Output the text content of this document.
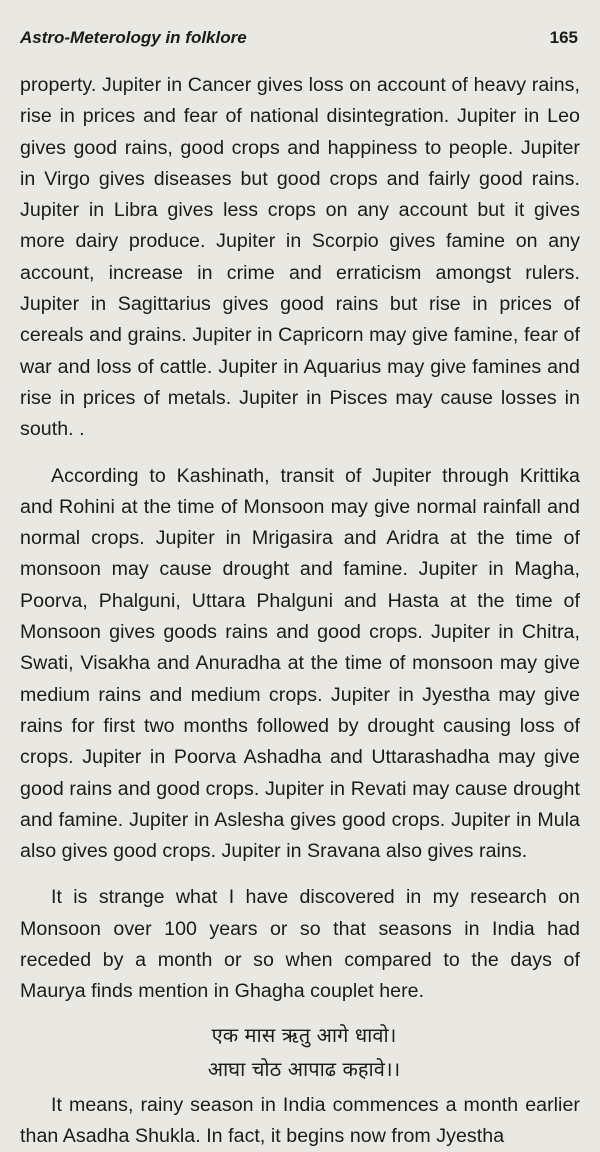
Astro-Meterology in folklore	165

property. Jupiter in Cancer gives loss on account of heavy rains, rise in prices and fear of national disintegration. Jupiter in Leo gives good rains, good crops and happiness to people. Jupiter in Virgo gives diseases but good crops and fairly good rains. Jupiter in Libra gives less crops on any account but it gives more dairy produce. Jupiter in Scorpio gives famine on any account, increase in crime and erraticism amongst rulers. Jupiter in Sagittarius gives good rains but rise in prices of cereals and grains. Jupiter in Capricorn may give famine, fear of war and loss of cattle. Jupiter in Aquarius may give famines and rise in prices of metals. Jupiter in Pisces may cause losses in south. .

According to Kashinath, transit of Jupiter through Krittika and Rohini at the time of Monsoon may give normal rainfall and normal crops. Jupiter in Mrigasira and Aridra at the time of monsoon may cause drought and famine. Jupiter in Magha, Poorva, Phalguni, Uttara Phalguni and Hasta at the time of Monsoon gives goods rains and good crops. Jupiter in Chitra, Swati, Visakha and Anuradha at the time of monsoon may give medium rains and medium crops. Jupiter in Jyestha may give rains for first two months followed by drought causing loss of crops. Jupiter in Poorva Ashadha and Uttarashadha may give good rains and good crops. Jupiter in Revati may cause drought and famine. Jupiter in Aslesha gives good crops. Jupiter in Mula also gives good crops. Jupiter in Sravana also gives rains.

It is strange what I have discovered in my research on Monsoon over 100 years or so that seasons in India had receded by a month or so when compared to the days of Maurya finds mention in Ghagha couplet here.

एक मास ऋतु आगे धावो।
आघा चोठ आपाढ कहावे।।

It means, rainy season in India commences a month earlier than Asadha Shukla. In fact, it begins now from Jyestha
